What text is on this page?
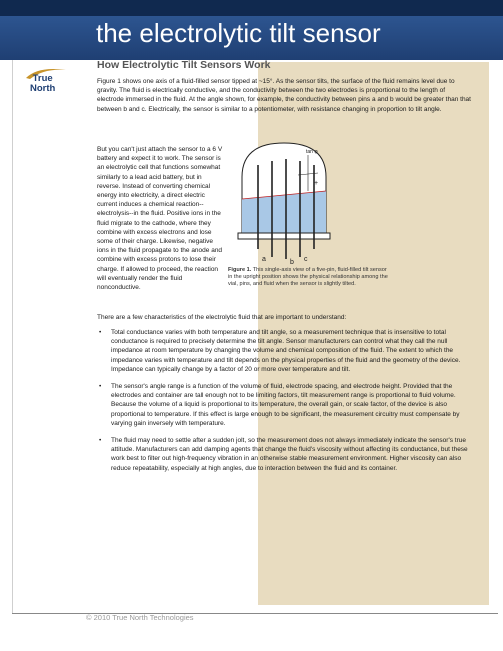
the electrolytic tilt sensor
True
North
How Electrolytic Tilt Sensors Work

Figure 1 shows one axis of a fluid-filled sensor tipped at ~15°. As the sensor tilts, the surface of the fluid remains level due to gravity. The fluid is electrically conductive, and the conductivity between the two electrodes is proportional to the length of electrode immersed in the fluid. At the angle shown, for example, the conductivity between pins a and b would be greater than that between b and c. Electrically, the sensor is similar to a potentiometer, with resistance changing in proportion to tilt angle.

But you can't just attach the sensor to a 6 V battery and expect it to work. The sensor is an electrolytic cell that functions somewhat similarly to a lead acid battery, but in reverse. Instead of converting chemical energy into electricity, a direct electric current induces a chemical reaction-- electrolysis--in the fluid. Positive ions in the fluid migrate to the cathode, where they combine with excess electrons and lose some of their charge. Likewise, negative ions in the fluid propagate to the anode and combine with excess protons to lose their charge. If allowed to proceed, the reaction will eventually render the fluid nonconductive.

tan φ
+
a	b c
Figure 1. This single-axis view of a five-pin, fluid-filled tilt sensor in the upright position shows the physical relationship among the vial, pins, and fluid when the sensor is slightly tilted.

There are a few characteristics of the electrolytic fluid that are important to understand:

• Total conductance varies with both temperature and tilt angle, so a measurement technique that is insensitive to total conductance is required to precisely determine the tilt angle. Sensor manufacturers can control what they call the null impedance at room temperature by changing the volume and chemical composition of the fluid. The extent to which the impedance varies with temperature and tilt depends on the physical properties of the fluid and the geometry of the device. Impedance can typically change by a factor of 20 or more over temperature and tilt.
• The sensor's angle range is a function of the volume of fluid, electrode spacing, and electrode height. Provided that the electrodes and container are tall enough not to be limiting factors, tilt measurement range is proportional to fluid volume. Because the volume of a liquid is proportional to its temperature, the overall gain, or scale factor, of the device is also proportional to temperature. If this effect is large enough to be significant, the measurement circuitry must compensate by varying gain inversely with temperature.
• The fluid may need to settle after a sudden jolt, so the measurement does not always immediately indicate the sensor's true attitude. Manufacturers can add damping agents that change the fluid's viscosity without affecting its conductance, but these work best to filter out high-frequency vibration in an otherwise stable measurement environment. Higher viscosity can also reduce repeatability, especially at high angles, due to interaction between the fluid and its container.
© 2010 True North Technologies
